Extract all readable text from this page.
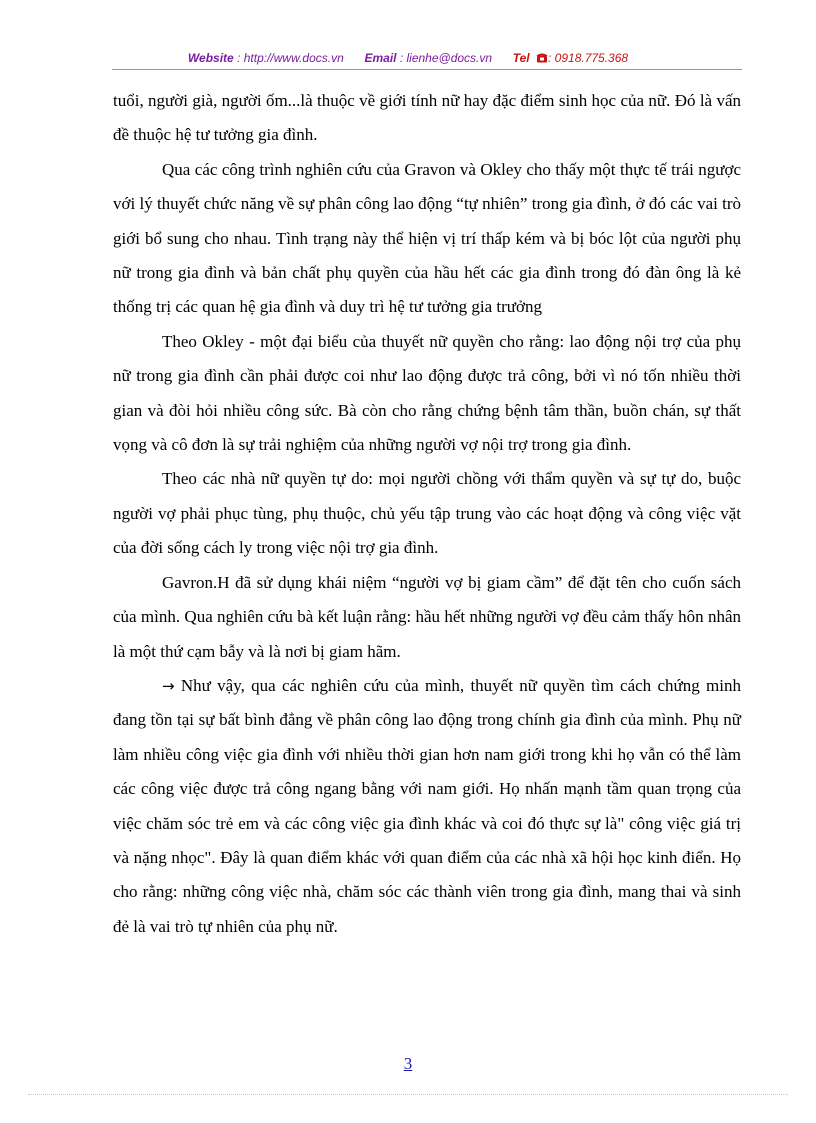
Website : http://www.docs.vn Email : lienhe@docs.vn Tel : 0918.775.368

tuổi, người già, người ốm...là thuộc về giới tính nữ hay đặc điểm sinh học của nữ. Đó là vấn đề thuộc hệ tư tưởng gia đình.

Qua các công trình nghiên cứu của Gravon và Okley cho thấy một thực tế trái ngược với lý thuyết chức năng về sự phân công lao động “tự nhiên” trong gia đình, ở đó các vai trò giới bổ sung cho nhau. Tình trạng này thể hiện vị trí thấp kém và bị bóc lột của người phụ nữ trong gia đình và bản chất phụ quyền của hầu hết các gia đình trong đó đàn ông là kẻ thống trị các quan hệ gia đình và duy trì hệ tư tưởng gia trưởng

Theo Okley - một đại biểu của thuyết nữ quyền cho rằng: lao động nội trợ của phụ nữ trong gia đình cần phải được coi như lao động được trả công, bởi vì nó tốn nhiều thời gian và đòi hỏi nhiều công sức. Bà còn cho rằng chứng bệnh tâm thần, buồn chán, sự thất vọng và cô đơn là sự trải nghiệm của những người vợ nội trợ trong gia đình.

Theo các nhà nữ quyền tự do: mọi người chồng với thẩm quyền và sự tự do, buộc người vợ phải phục tùng, phụ thuộc, chủ yếu tập trung vào các hoạt động và công việc vặt của đời sống cách ly trong việc nội trợ gia đình.

Gavron.H đã sử dụng khái niệm “người vợ bị giam cầm” để đặt tên cho cuốn sách của mình. Qua nghiên cứu bà kết luận rằng: hầu hết những người vợ đều cảm thấy hôn nhân là một thứ cạm bẫy và là nơi bị giam hãm.

→ Như vậy, qua các nghiên cứu của mình, thuyết nữ quyền tìm cách chứng minh đang tồn tại sự bất bình đẳng về phân công lao động trong chính gia đình của mình. Phụ nữ làm nhiều công việc gia đình với nhiều thời gian hơn nam giới trong khi họ vẫn có thể làm các công việc được trả công ngang bằng với nam giới. Họ nhấn mạnh tầm quan trọng của việc chăm sóc trẻ em và các công việc gia đình khác và coi đó thực sự là" công việc giá trị và nặng nhọc". Đây là quan điểm khác với quan điểm của các nhà xã hội học kinh điển. Họ cho rằng: những công việc nhà, chăm sóc các thành viên trong gia đình, mang thai và sinh đẻ là vai trò tự nhiên của phụ nữ.

3
